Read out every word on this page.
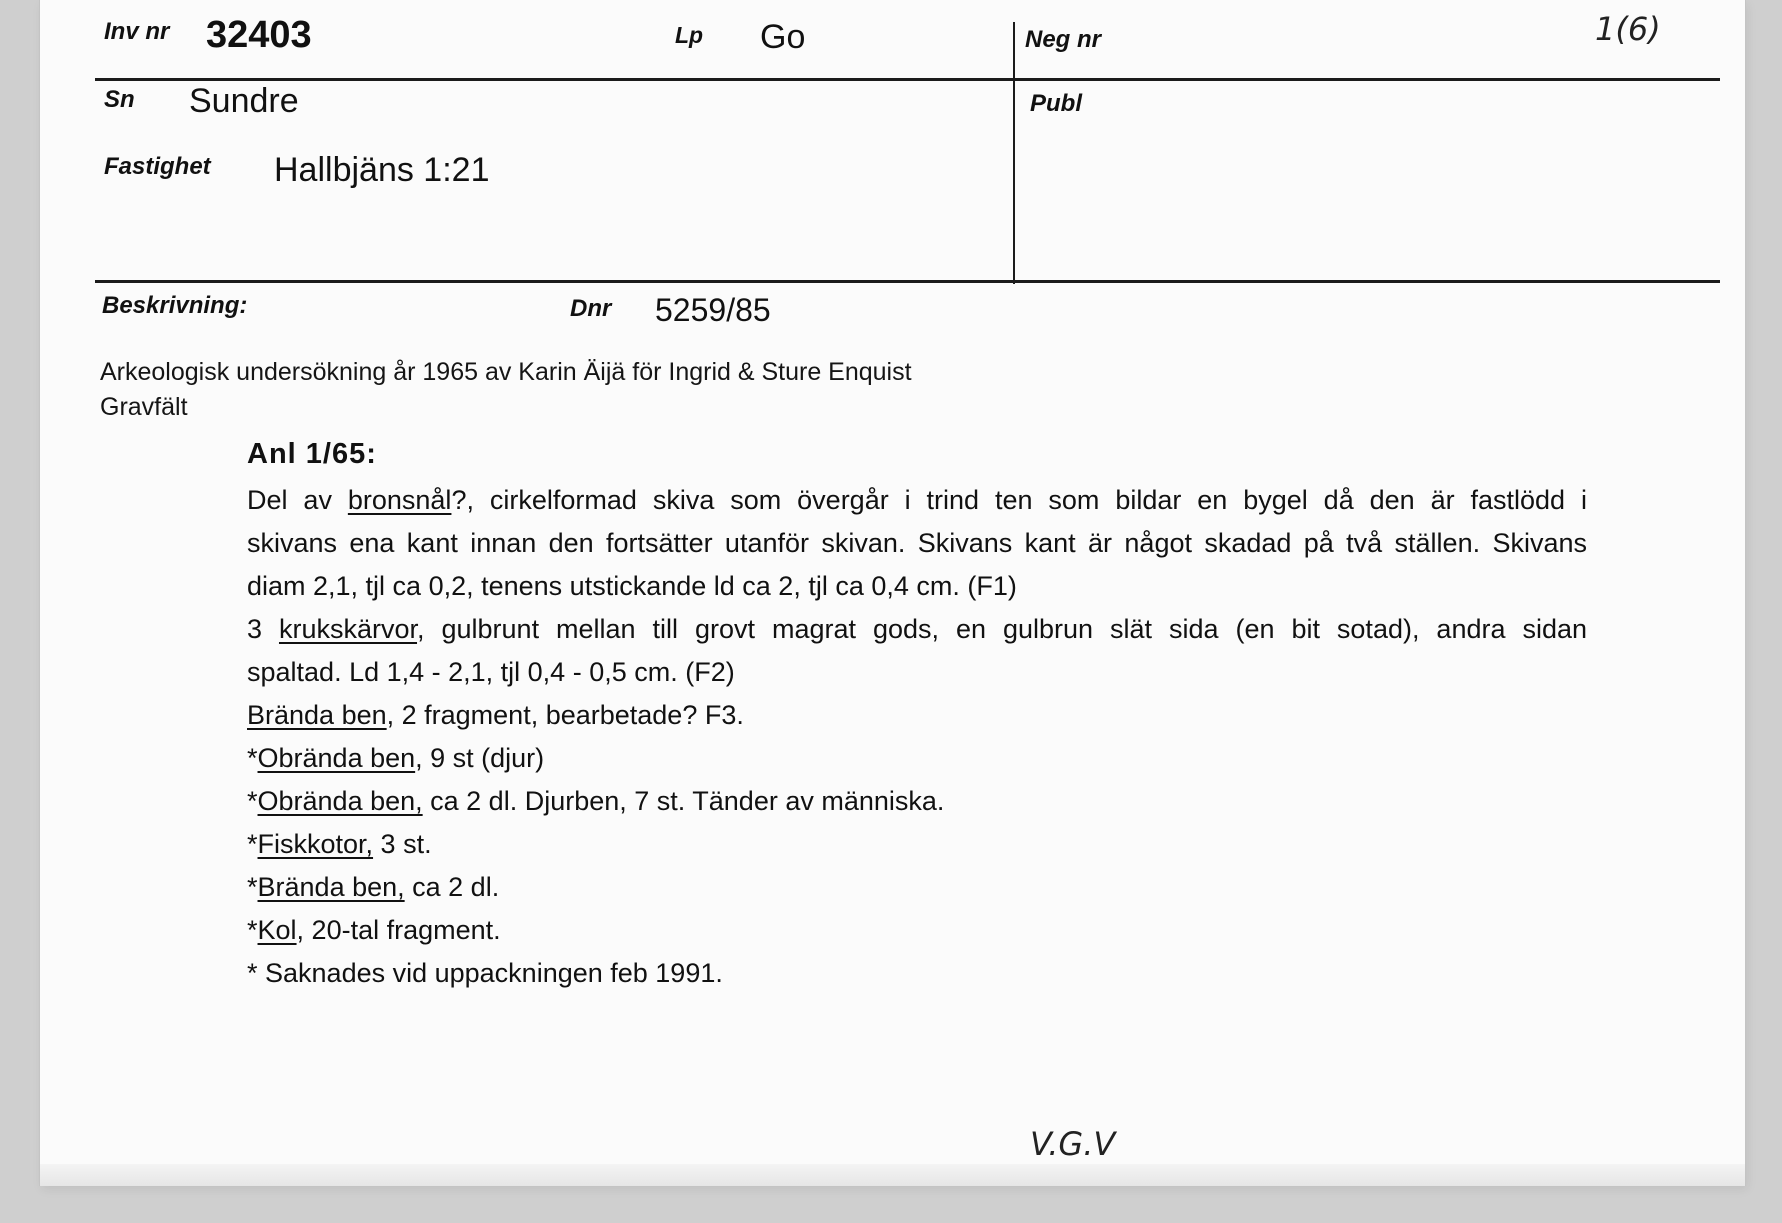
Inv nr 32403	Lp Go	Neg nr	1(6)
Sn Sundre	Publ
Fastighet Hallbjäns 1:21
Beskrivning:	Dnr 5259/85
Arkeologisk undersökning år 1965 av Karin Äijä för Ingrid & Sture Enquist
Gravfält
Anl 1/65:
Del av bronsnål?, cirkelformad skiva som övergår i trind ten som bildar en bygel då den är fastlödd i
skivans ena kant innan den fortsätter utanför skivan. Skivans kant är något skadad på två ställen. Skivans
diam 2,1, tjl ca 0,2, tenens utstickande ld ca 2, tjl ca 0,4 cm. (F1)
3 krukskärvor, gulbrunt mellan till grovt magrat gods, en gulbrun slät sida (en bit sotad), andra sidan
spaltad. Ld 1,4 - 2,1, tjl 0,4 - 0,5 cm. (F2)
Brända ben, 2 fragment, bearbetade? F3.
*Obrända ben, 9 st (djur)
*Obrända ben, ca 2 dl. Djurben, 7 st. Tänder av människa.
*Fiskkotor, 3 st.
*Brända ben, ca 2 dl.
*Kol, 20-tal fragment.
* Saknades vid uppackningen feb 1991.
V.G.V
